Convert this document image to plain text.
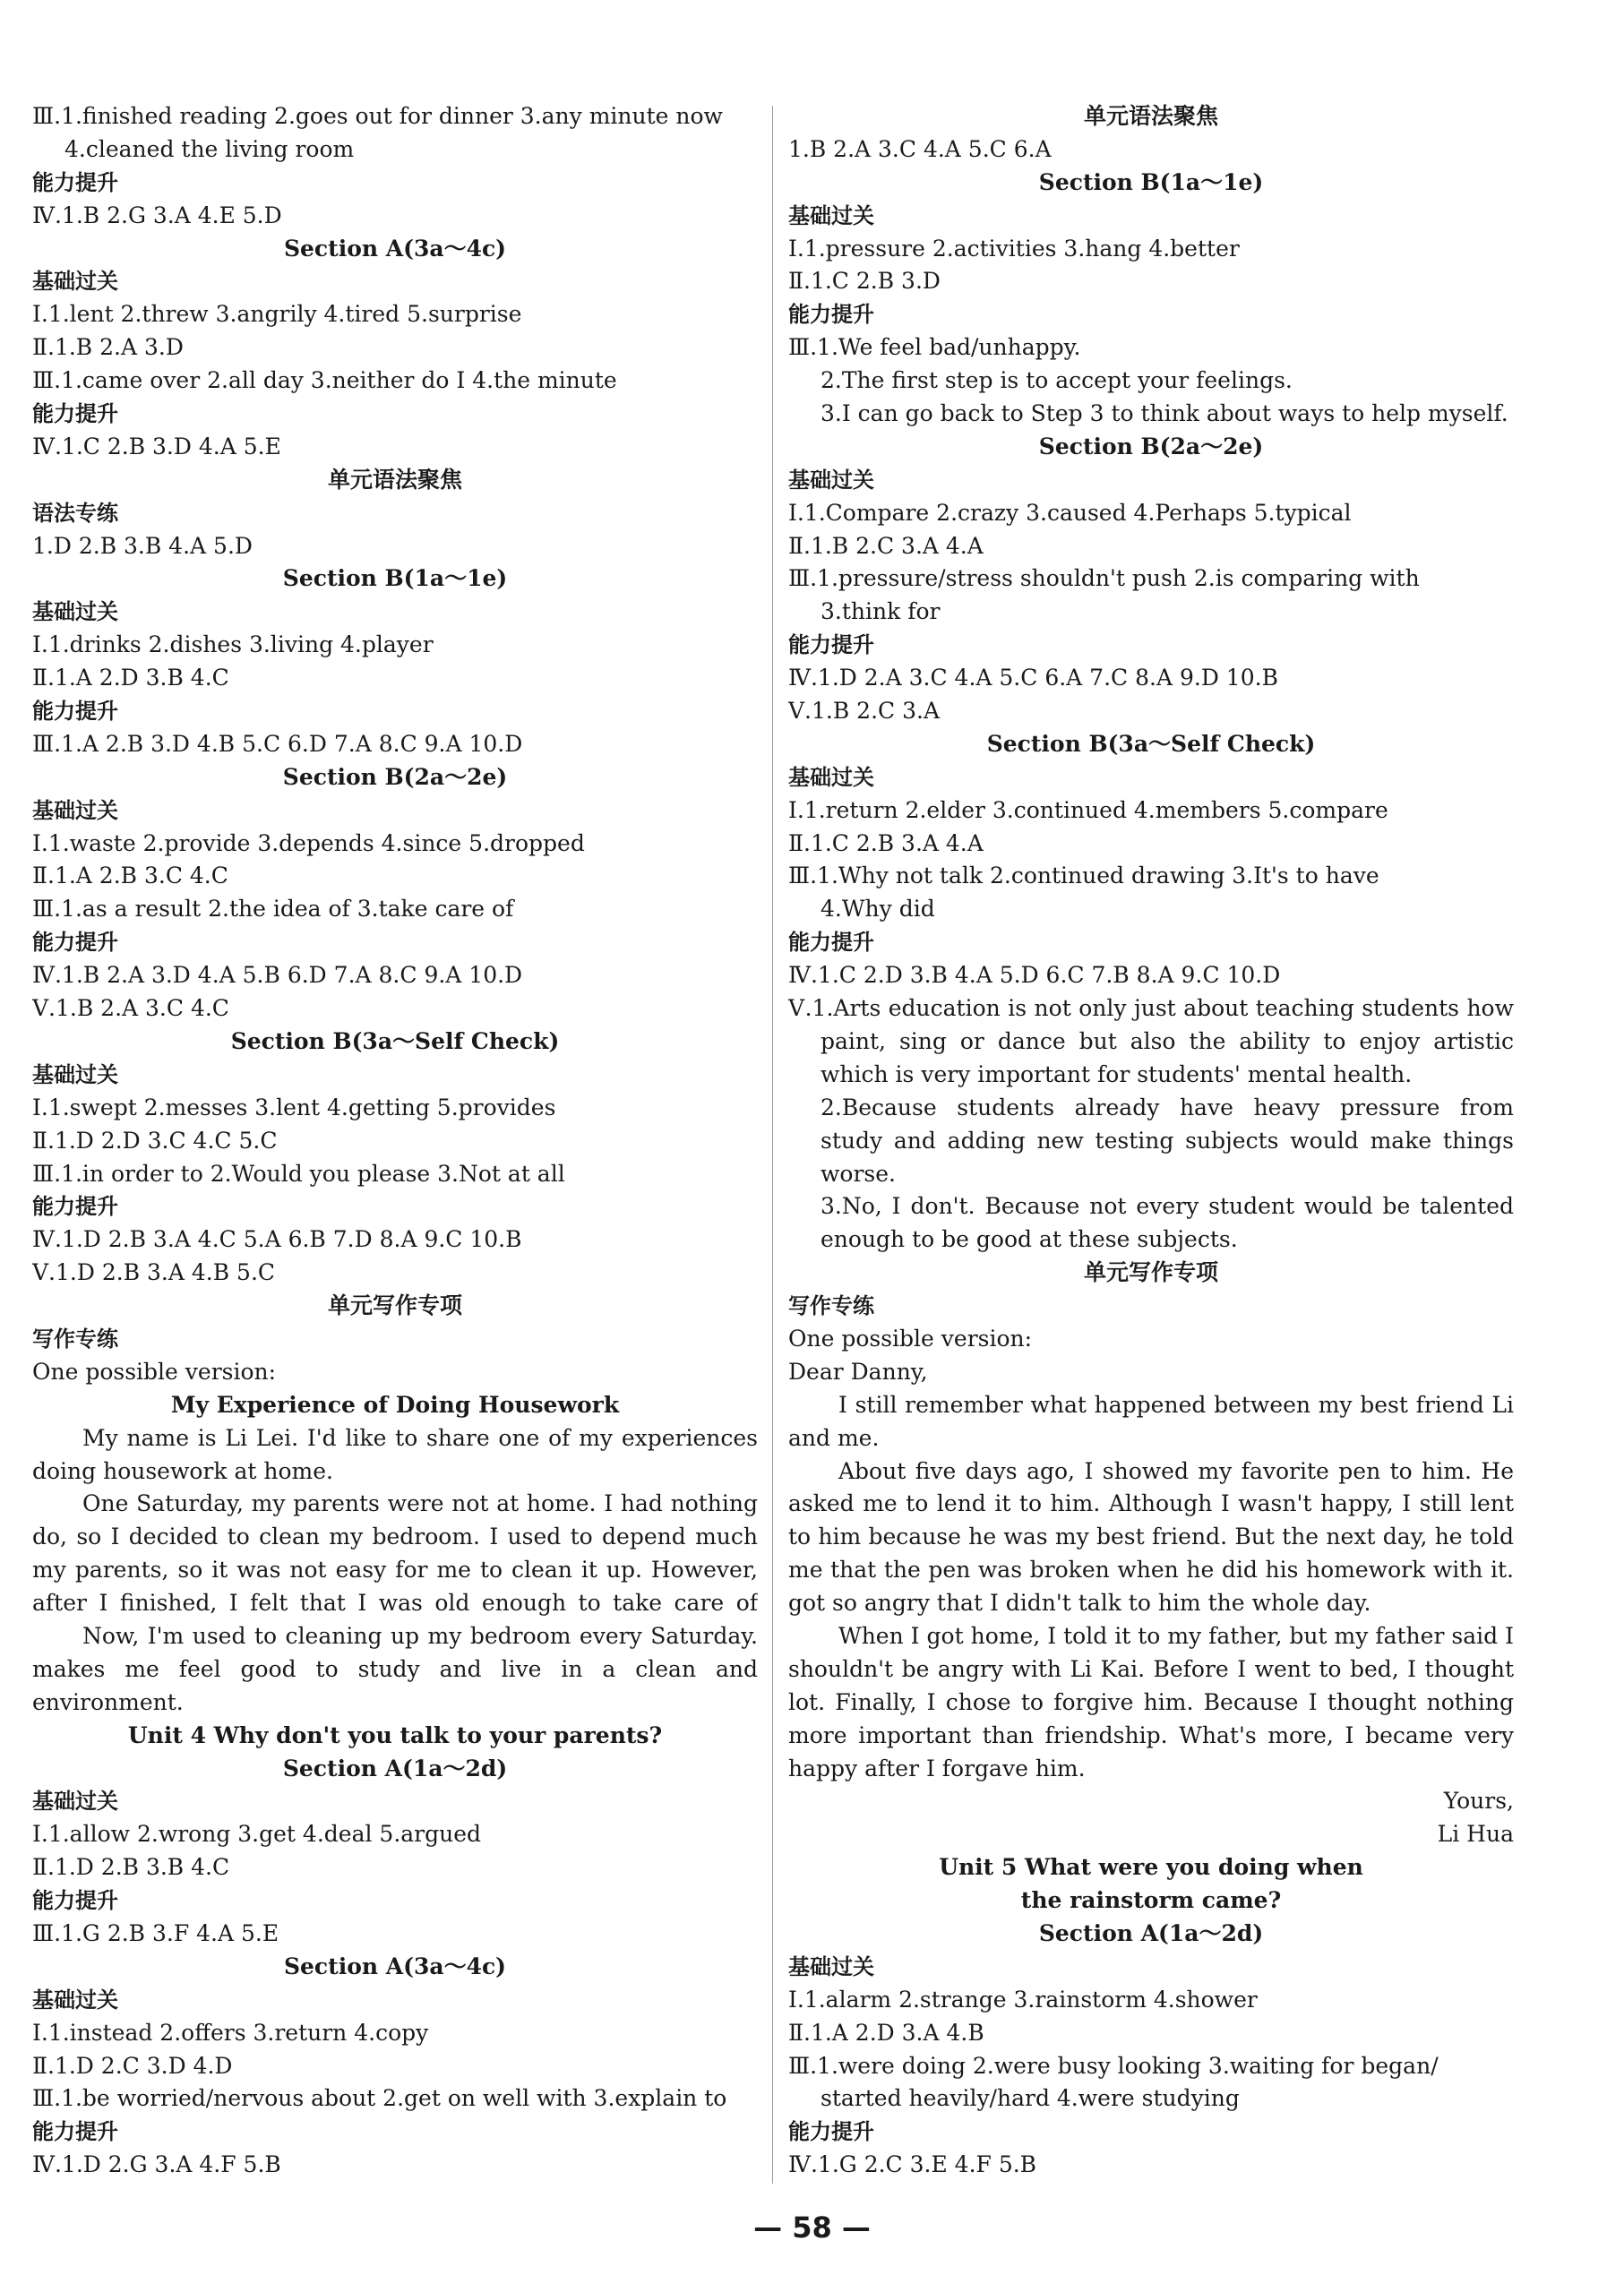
Ⅲ.1.finished reading 2.goes out for dinner 3.any minute now
4.cleaned the living room
能力提升
Ⅳ.1.B 2.G 3.A 4.E 5.D
Section A(3a～4c)
基础过关
Ⅰ.1.lent 2.threw 3.angrily 4.tired 5.surprise
Ⅱ.1.B 2.A 3.D
Ⅲ.1.came over 2.all day 3.neither do I 4.the minute
能力提升
Ⅳ.1.C 2.B 3.D 4.A 5.E
单元语法聚焦
语法专练
1.D 2.B 3.B 4.A 5.D
Section B(1a～1e)
基础过关
Ⅰ.1.drinks 2.dishes 3.living 4.player
Ⅱ.1.A 2.D 3.B 4.C
能力提升
Ⅲ.1.A 2.B 3.D 4.B 5.C 6.D 7.A 8.C 9.A 10.D
Section B(2a～2e)
基础过关
Ⅰ.1.waste 2.provide 3.depends 4.since 5.dropped
Ⅱ.1.A 2.B 3.C 4.C
Ⅲ.1.as a result 2.the idea of 3.take care of
能力提升
Ⅳ.1.B 2.A 3.D 4.A 5.B 6.D 7.A 8.C 9.A 10.D
Ⅴ.1.B 2.A 3.C 4.C
Section B(3a～Self Check)
基础过关
Ⅰ.1.swept 2.messes 3.lent 4.getting 5.provides
Ⅱ.1.D 2.D 3.C 4.C 5.C
Ⅲ.1.in order to 2.Would you please 3.Not at all
能力提升
Ⅳ.1.D 2.B 3.A 4.C 5.A 6.B 7.D 8.A 9.C 10.B
Ⅴ.1.D 2.B 3.A 4.B 5.C
单元写作专项
写作专练
One possible version:
My Experience of Doing Housework
My name is Li Lei. I'd like to share one of my experiences
doing housework at home.
One Saturday, my parents were not at home. I had nothing
do, so I decided to clean my bedroom. I used to depend much
my parents, so it was not easy for me to clean it up. However,
after I finished, I felt that I was old enough to take care of
Now, I'm used to cleaning up my bedroom every Saturday.
makes me feel good to study and live in a clean and
environment.
Unit 4 Why don't you talk to your parents?
Section A(1a～2d)
基础过关
Ⅰ.1.allow 2.wrong 3.get 4.deal 5.argued
Ⅱ.1.D 2.B 3.B 4.C
能力提升
Ⅲ.1.G 2.B 3.F 4.A 5.E
Section A(3a～4c)
基础过关
Ⅰ.1.instead 2.offers 3.return 4.copy
Ⅱ.1.D 2.C 3.D 4.D
Ⅲ.1.be worried/nervous about 2.get on well with 3.explain to
能力提升
Ⅳ.1.D 2.G 3.A 4.F 5.B
单元语法聚焦
1.B 2.A 3.C 4.A 5.C 6.A
Section B(1a～1e)
基础过关
Ⅰ.1.pressure 2.activities 3.hang 4.better
Ⅱ.1.C 2.B 3.D
能力提升
Ⅲ.1.We feel bad/unhappy.
2.The first step is to accept your feelings.
3.I can go back to Step 3 to think about ways to help myself.
Section B(2a～2e)
基础过关
Ⅰ.1.Compare 2.crazy 3.caused 4.Perhaps 5.typical
Ⅱ.1.B 2.C 3.A 4.A
Ⅲ.1.pressure/stress shouldn't push 2.is comparing with
3.think for
能力提升
Ⅳ.1.D 2.A 3.C 4.A 5.C 6.A 7.C 8.A 9.D 10.B
Ⅴ.1.B 2.C 3.A
Section B(3a～Self Check)
基础过关
Ⅰ.1.return 2.elder 3.continued 4.members 5.compare
Ⅱ.1.C 2.B 3.A 4.A
Ⅲ.1.Why not talk 2.continued drawing 3.It's to have
4.Why did
能力提升
Ⅳ.1.C 2.D 3.B 4.A 5.D 6.C 7.B 8.A 9.C 10.D
Ⅴ.1.Arts education is not only just about teaching students how
paint, sing or dance but also the ability to enjoy artistic
which is very important for students' mental health.
2.Because students already have heavy pressure from
study and adding new testing subjects would make things
worse.
3.No, I don't. Because not every student would be talented
enough to be good at these subjects.
单元写作专项
写作专练
One possible version:
Dear Danny,
I still remember what happened between my best friend Li
and me.
About five days ago, I showed my favorite pen to him. He
asked me to lend it to him. Although I wasn't happy, I still lent
to him because he was my best friend. But the next day, he told
me that the pen was broken when he did his homework with it.
got so angry that I didn't talk to him the whole day.
When I got home, I told it to my father, but my father said I
shouldn't be angry with Li Kai. Before I went to bed, I thought
lot. Finally, I chose to forgive him. Because I thought nothing
more important than friendship. What's more, I became very
happy after I forgave him.
Yours,
Li Hua
Unit 5 What were you doing when
the rainstorm came?
Section A(1a～2d)
基础过关
Ⅰ.1.alarm 2.strange 3.rainstorm 4.shower
Ⅱ.1.A 2.D 3.A 4.B
Ⅲ.1.were doing 2.were busy looking 3.waiting for began/
started heavily/hard 4.were studying
能力提升
Ⅳ.1.G 2.C 3.E 4.F 5.B
— 58 —
